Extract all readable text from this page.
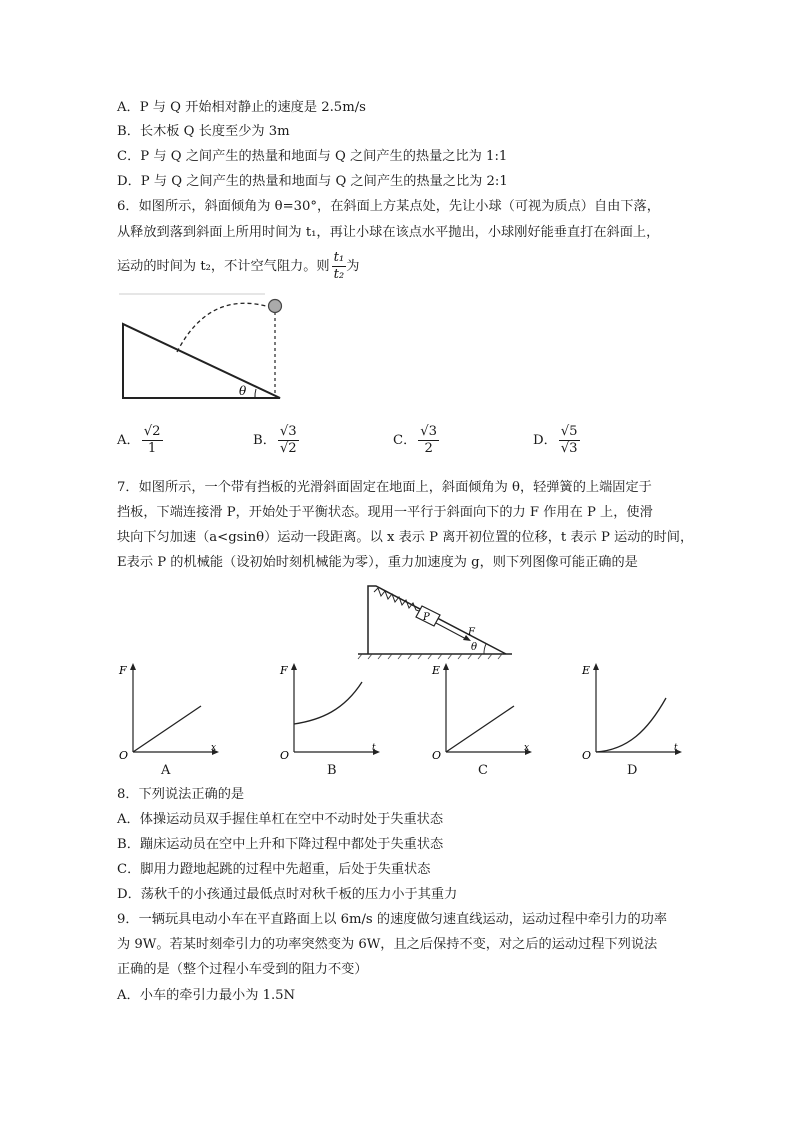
A．P 与 Q 开始相对静止的速度是 2.5m/s
B．长木板 Q 长度至少为 3m
C．P 与 Q 之间产生的热量和地面与 Q 之间产生的热量之比为 1:1
D．P 与 Q 之间产生的热量和地面与 Q 之间产生的热量之比为 2:1
6．如图所示，斜面倾角为 θ=30°，在斜面上方某点处，先让小球（可视为质点）自由下落，
从释放到落到斜面上所用时间为 t₁，再让小球在该点水平抛出，小球刚好能垂直打在斜面上，
运动的时间为 t₂，不计空气阻力。则 $\frac{\text{t₁}}{\text{t₂}}$ 为
θ
A． $\frac{√2}{1}$	B． $\frac{√3}{√2}$	C． $\frac{√3}{2}$	D． $\frac{√5}{√3}$
7．如图所示，一个带有挡板的光滑斜面固定在地面上，斜面倾角为 θ，轻弹簧的上端固定于
挡板，下端连接滑 P，开始处于平衡状态。现用一平行于斜面向下的力 F 作用在 P 上，使滑
块向下匀加速（a<gsinθ）运动一段距离。以 x 表示 P 离开初位置的位移，t 表示 P 运动的时间，
E表示 P 的机械能（设初始时刻机械能为零），重力加速度为 g，则下列图像可能正确的是
P
F
θ
F
x
O
A
F
t
O
B
E
x
O
C
E
t
O
D
8．下列说法正确的是
A．体操运动员双手握住单杠在空中不动时处于失重状态
B．蹦床运动员在空中上升和下降过程中都处于失重状态
C．脚用力蹬地起跳的过程中先超重，后处于失重状态
D．荡秋千的小孩通过最低点时对秋千板的压力小于其重力
9．一辆玩具电动小车在平直路面上以 6m/s 的速度做匀速直线运动，运动过程中牵引力的功率
为 9W。若某时刻牵引力的功率突然变为 6W，且之后保持不变，对之后的运动过程下列说法
正确的是（整个过程小车受到的阻力不变）
A．小车的牵引力最小为 1.5N
